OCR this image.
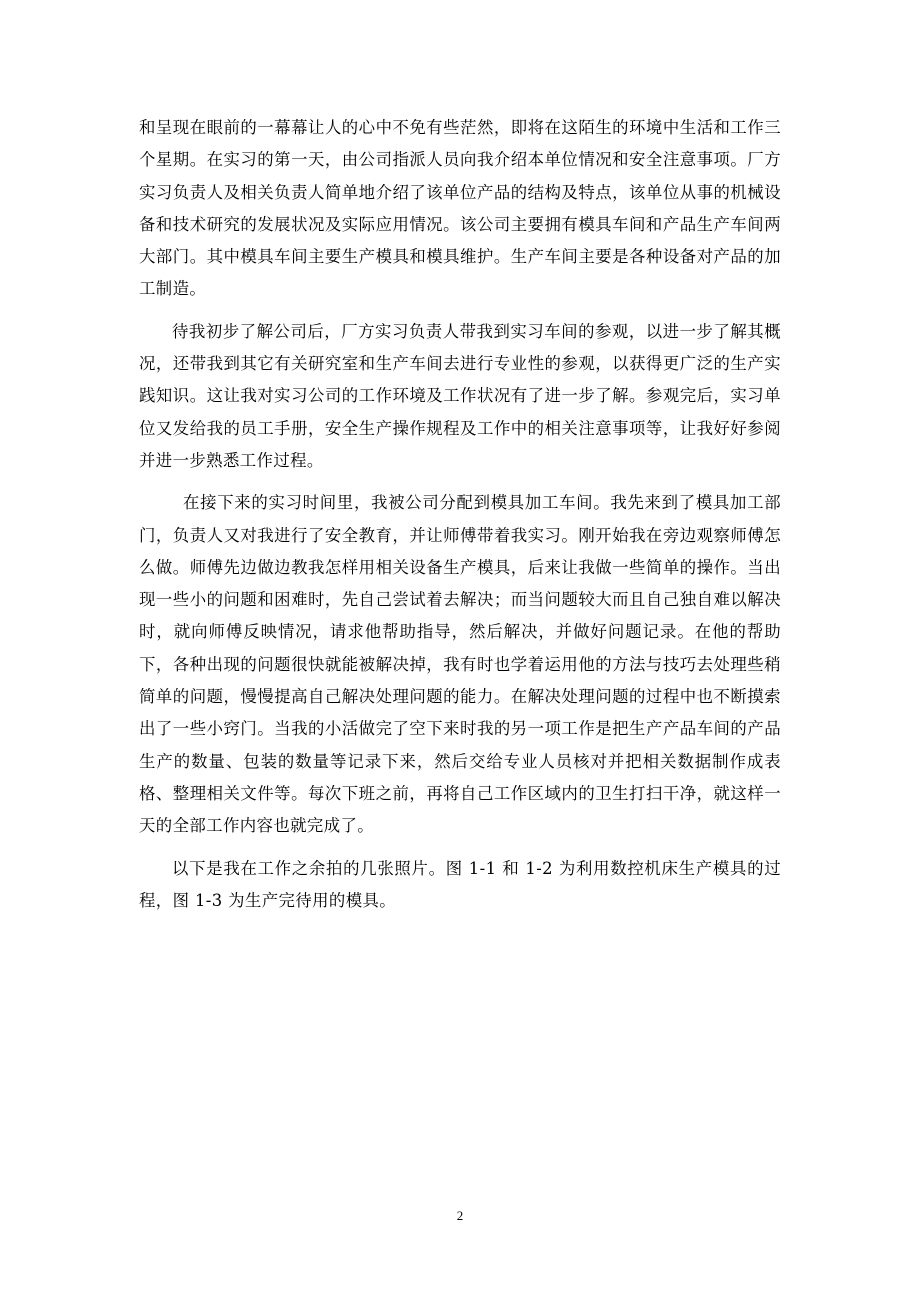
和呈现在眼前的一幕幕让人的心中不免有些茫然，即将在这陌生的环境中生活和工作三个星期。在实习的第一天，由公司指派人员向我介绍本单位情况和安全注意事项。厂方实习负责人及相关负责人简单地介绍了该单位产品的结构及特点，该单位从事的机械设备和技术研究的发展状况及实际应用情况。该公司主要拥有模具车间和产品生产车间两大部门。其中模具车间主要生产模具和模具维护。生产车间主要是各种设备对产品的加工制造。

待我初步了解公司后，厂方实习负责人带我到实习车间的参观，以进一步了解其概况，还带我到其它有关研究室和生产车间去进行专业性的参观，以获得更广泛的生产实践知识。这让我对实习公司的工作环境及工作状况有了进一步了解。参观完后，实习单位又发给我的员工手册，安全生产操作规程及工作中的相关注意事项等，让我好好参阅并进一步熟悉工作过程。

在接下来的实习时间里，我被公司分配到模具加工车间。我先来到了模具加工部门，负责人又对我进行了安全教育，并让师傅带着我实习。刚开始我在旁边观察师傅怎么做。师傅先边做边教我怎样用相关设备生产模具，后来让我做一些简单的操作。当出现一些小的问题和困难时，先自己尝试着去解决；而当问题较大而且自己独自难以解决时，就向师傅反映情况，请求他帮助指导，然后解决，并做好问题记录。在他的帮助下，各种出现的问题很快就能被解决掉，我有时也学着运用他的方法与技巧去处理些稍简单的问题，慢慢提高自己解决处理问题的能力。在解决处理问题的过程中也不断摸索出了一些小窍门。当我的小活做完了空下来时我的另一项工作是把生产产品车间的产品生产的数量、包装的数量等记录下来，然后交给专业人员核对并把相关数据制作成表格、整理相关文件等。每次下班之前，再将自己工作区域内的卫生打扫干净，就这样一天的全部工作内容也就完成了。

以下是我在工作之余拍的几张照片。图 1-1 和 1-2 为利用数控机床生产模具的过程，图 1-3 为生产完待用的模具。

2
